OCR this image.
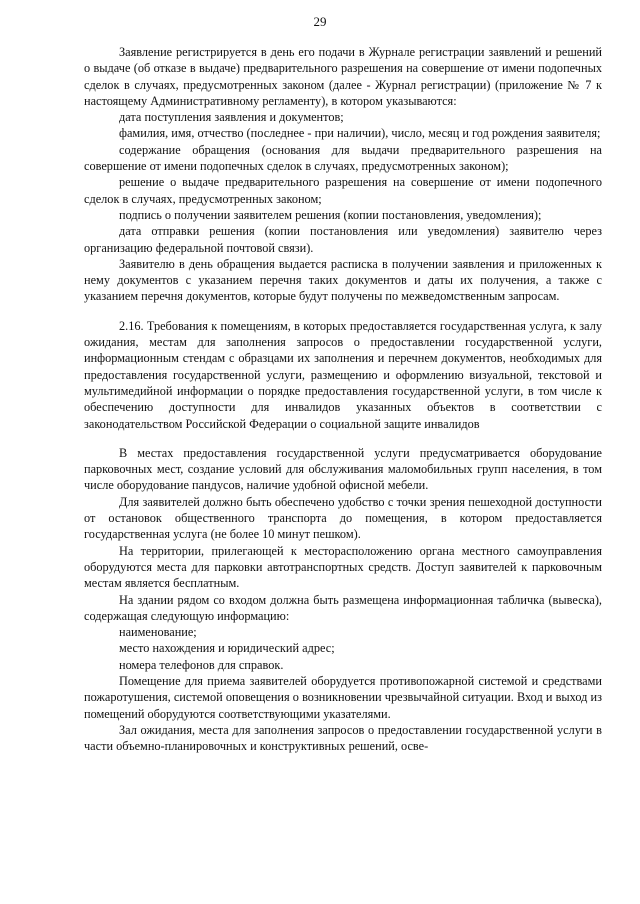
29

Заявление регистрируется в день его подачи в Журнале регистрации заявлений и решений о выдаче (об отказе в выдаче) предварительного разрешения на совершение от имени подопечных сделок в случаях, предусмотренных законом (далее - Журнал регистрации) (приложение № 7 к настоящему Административному регламенту), в котором указываются:

дата поступления заявления и документов;

фамилия, имя, отчество (последнее - при наличии), число, месяц и год рождения заявителя;

содержание обращения (основания для выдачи предварительного разрешения на совершение от имени подопечных сделок в случаях, предусмотренных законом);

решение о выдаче предварительного разрешения на совершение от имени подопечного сделок в случаях, предусмотренных законом;

подпись о получении заявителем решения (копии постановления, уведомления);

дата отправки решения (копии постановления или уведомления) заявителю через организацию федеральной почтовой связи).

Заявителю в день обращения выдается расписка в получении заявления и приложенных к нему документов с указанием перечня таких документов и даты их получения, а также с указанием перечня документов, которые будут получены по межведомственным запросам.

2.16. Требования к помещениям, в которых предоставляется государственная услуга, к залу ожидания, местам для заполнения запросов о предоставлении государственной услуги, информационным стендам с образцами их заполнения и перечнем документов, необходимых для предоставления государственной услуги, размещению и оформлению визуальной, текстовой и мультимедийной информации о порядке предоставления государственной услуги, в том числе к обеспечению доступности для инвалидов указанных объектов в соответствии с законодательством Российской Федерации о социальной защите инвалидов

В местах предоставления государственной услуги предусматривается оборудование парковочных мест, создание условий для обслуживания маломобильных групп населения, в том числе оборудование пандусов, наличие удобной офисной мебели.

Для заявителей должно быть обеспечено удобство с точки зрения пешеходной доступности от остановок общественного транспорта до помещения, в котором предоставляется государственная услуга (не более 10 минут пешком).

На территории, прилегающей к месторасположению органа местного самоуправления оборудуются места для парковки автотранспортных средств. Доступ заявителей к парковочным местам является бесплатным.

На здании рядом со входом должна быть размещена информационная табличка (вывеска), содержащая следующую информацию:

наименование;

место нахождения и юридический адрес;

номера телефонов для справок.

Помещение для приема заявителей оборудуется противопожарной системой и средствами пожаротушения, системой оповещения о возникновении чрезвычайной ситуации. Вход и выход из помещений оборудуются соответствующими указателями.

Зал ожидания, места для заполнения запросов о предоставлении государственной услуги в части объемно-планировочных и конструктивных решений, осве-
